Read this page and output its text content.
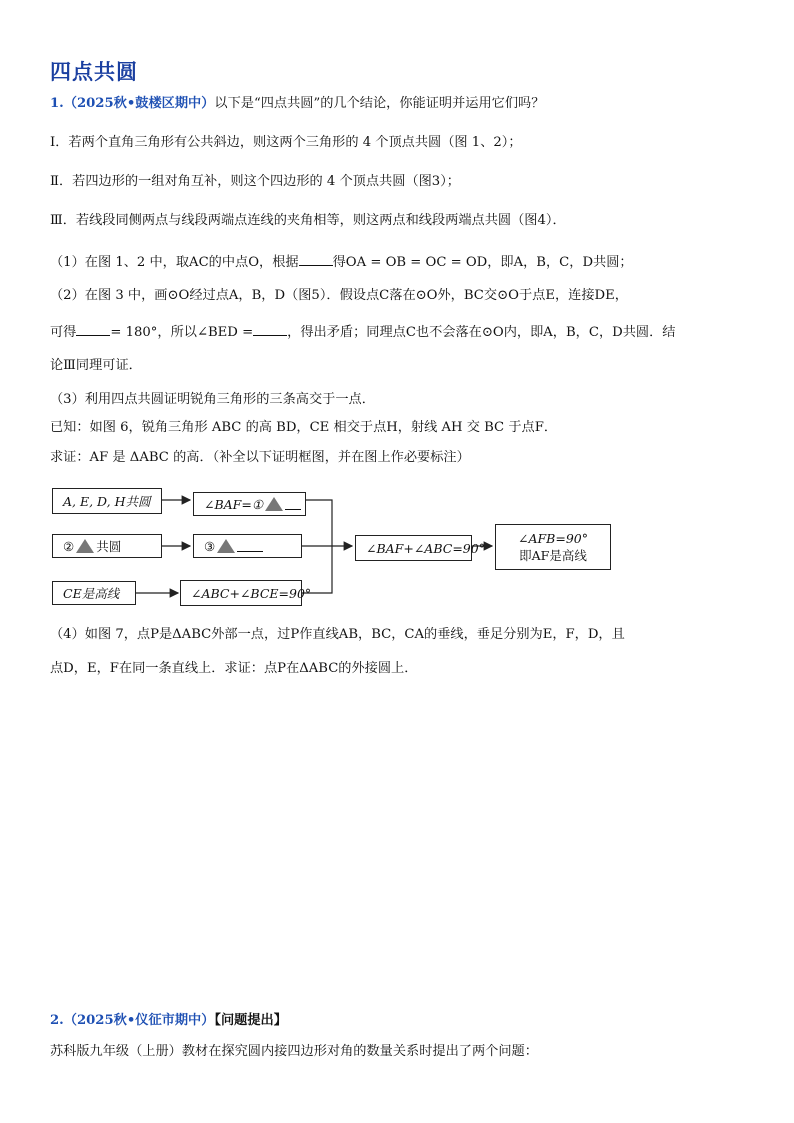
四点共圆
1.（2025秋•鼓楼区期中）以下是“四点共圆”的几个结论，你能证明并运用它们吗？
Ⅰ．若两个直角三角形有公共斜边，则这两个三角形的 4 个顶点共圆（图 1、2）；
Ⅱ．若四边形的一组对角互补，则这个四边形的 4 个顶点共圆（图3）；
Ⅲ．若线段同侧两点与线段两端点连线的夹角相等，则这两点和线段两端点共圆（图4）．
（1）在图 1、2 中，取AC的中点O，根据	得OA = OB = OC = OD，即A，B，C，D共圆；
（2）在图 3 中，画⊙O经过点A，B，D（图5）．假设点C落在⊙O外，BC交⊙O于点E，连接DE，
可得	= 180°，所以∠BED =	，得出矛盾；同理点C也不会落在⊙O内，即A，B，C，D共圆．结
论Ⅲ同理可证．
（3）利用四点共圆证明锐角三角形的三条高交于一点．
已知：如图 6，锐角三角形 ABC 的高 BD，CE 相交于点H，射线 AH 交 BC 于点F．
求证：AF 是 ΔABC 的高．（补全以下证明框图，并在图上作必要标注）
A, E, D, H共圆	∠BAF=①
② 共圆	③
CE是高线	∠ABC+∠BCE=90°
∠BAF+∠ABC=90°
∠AFB=90°
即AF是高线
（4）如图 7，点P是ΔABC外部一点，过P作直线AB，BC，CA的垂线，垂足分别为E，F，D，且
点D，E，F在同一条直线上．求证：点P在ΔABC的外接圆上．
2.（2025秋•仪征市期中）【问题提出】
苏科版九年级（上册）教材在探究圆内接四边形对角的数量关系时提出了两个问题：
